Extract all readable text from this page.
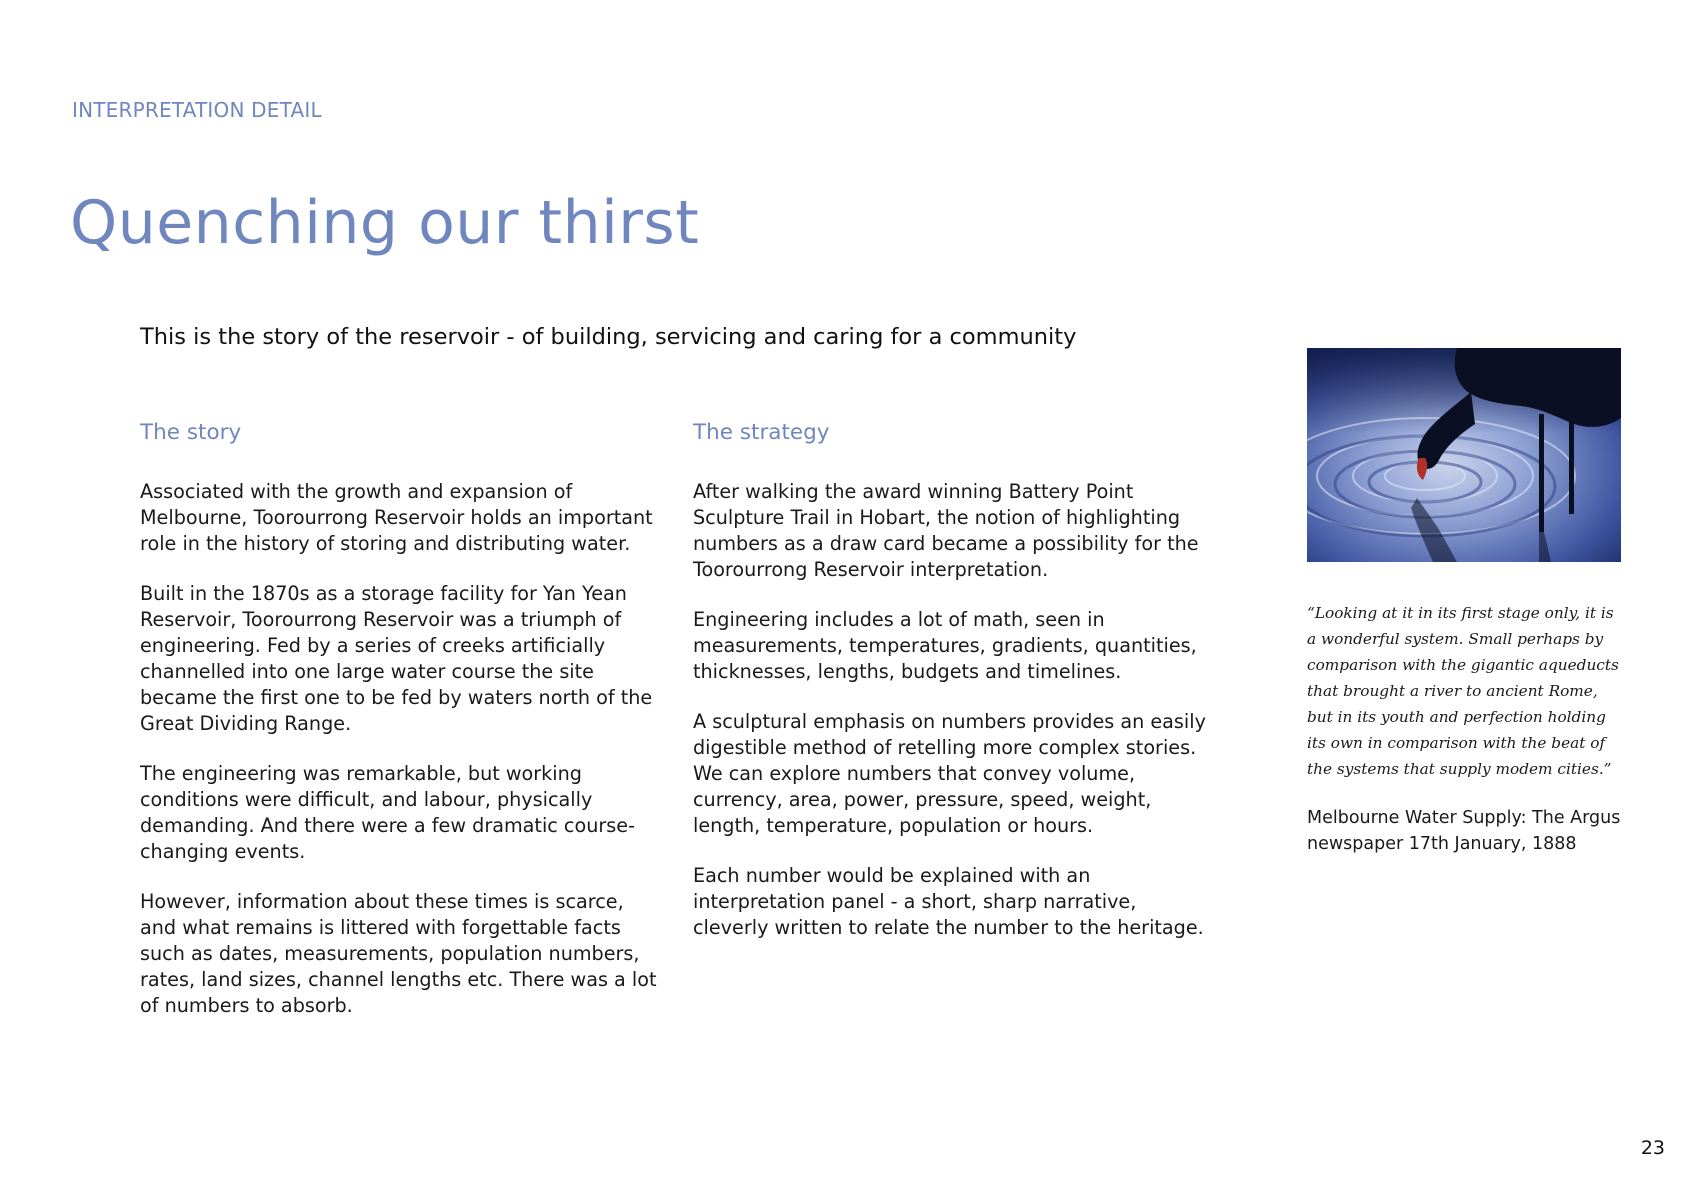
INTERPRETATION DETAIL
Quenching our thirst

This is the story of the reservoir - of building, servicing and caring for a community

The story

Associated with the growth and expansion of Melbourne, Toorourrong Reservoir holds an important role in the history of storing and distributing water.

Built in the 1870s as a storage facility for Yan Yean Reservoir, Toorourrong Reservoir was a triumph of engineering. Fed by a series of creeks artificially channelled into one large water course the site became the first one to be fed by waters north of the Great Dividing Range.

The engineering was remarkable, but working conditions were difficult, and labour, physically demanding. And there were a few dramatic course-changing events.

However, information about these times is scarce, and what remains is littered with forgettable facts such as dates, measurements, population numbers, rates, land sizes, channel lengths etc. There was a lot of numbers to absorb.

The strategy

After walking the award winning Battery Point Sculpture Trail in Hobart, the notion of highlighting numbers as a draw card became a possibility for the Toorourrong Reservoir interpretation.

Engineering includes a lot of math, seen in measurements, temperatures, gradients, quantities, thicknesses, lengths, budgets and timelines.

A sculptural emphasis on numbers provides an easily digestible method of retelling more complex stories. We can explore numbers that convey volume, currency, area, power, pressure, speed, weight, length, temperature, population or hours.

Each number would be explained with an interpretation panel - a short, sharp narrative, cleverly written to relate the number to the heritage.

“Looking at it in its first stage only, it is a wonderful system. Small perhaps by comparison with the gigantic aqueducts that brought a river to ancient Rome, but in its youth and perfection holding its own in comparison with the beat of the systems that supply modem cities.”

Melbourne Water Supply: The Argus newspaper 17th January, 1888

23
